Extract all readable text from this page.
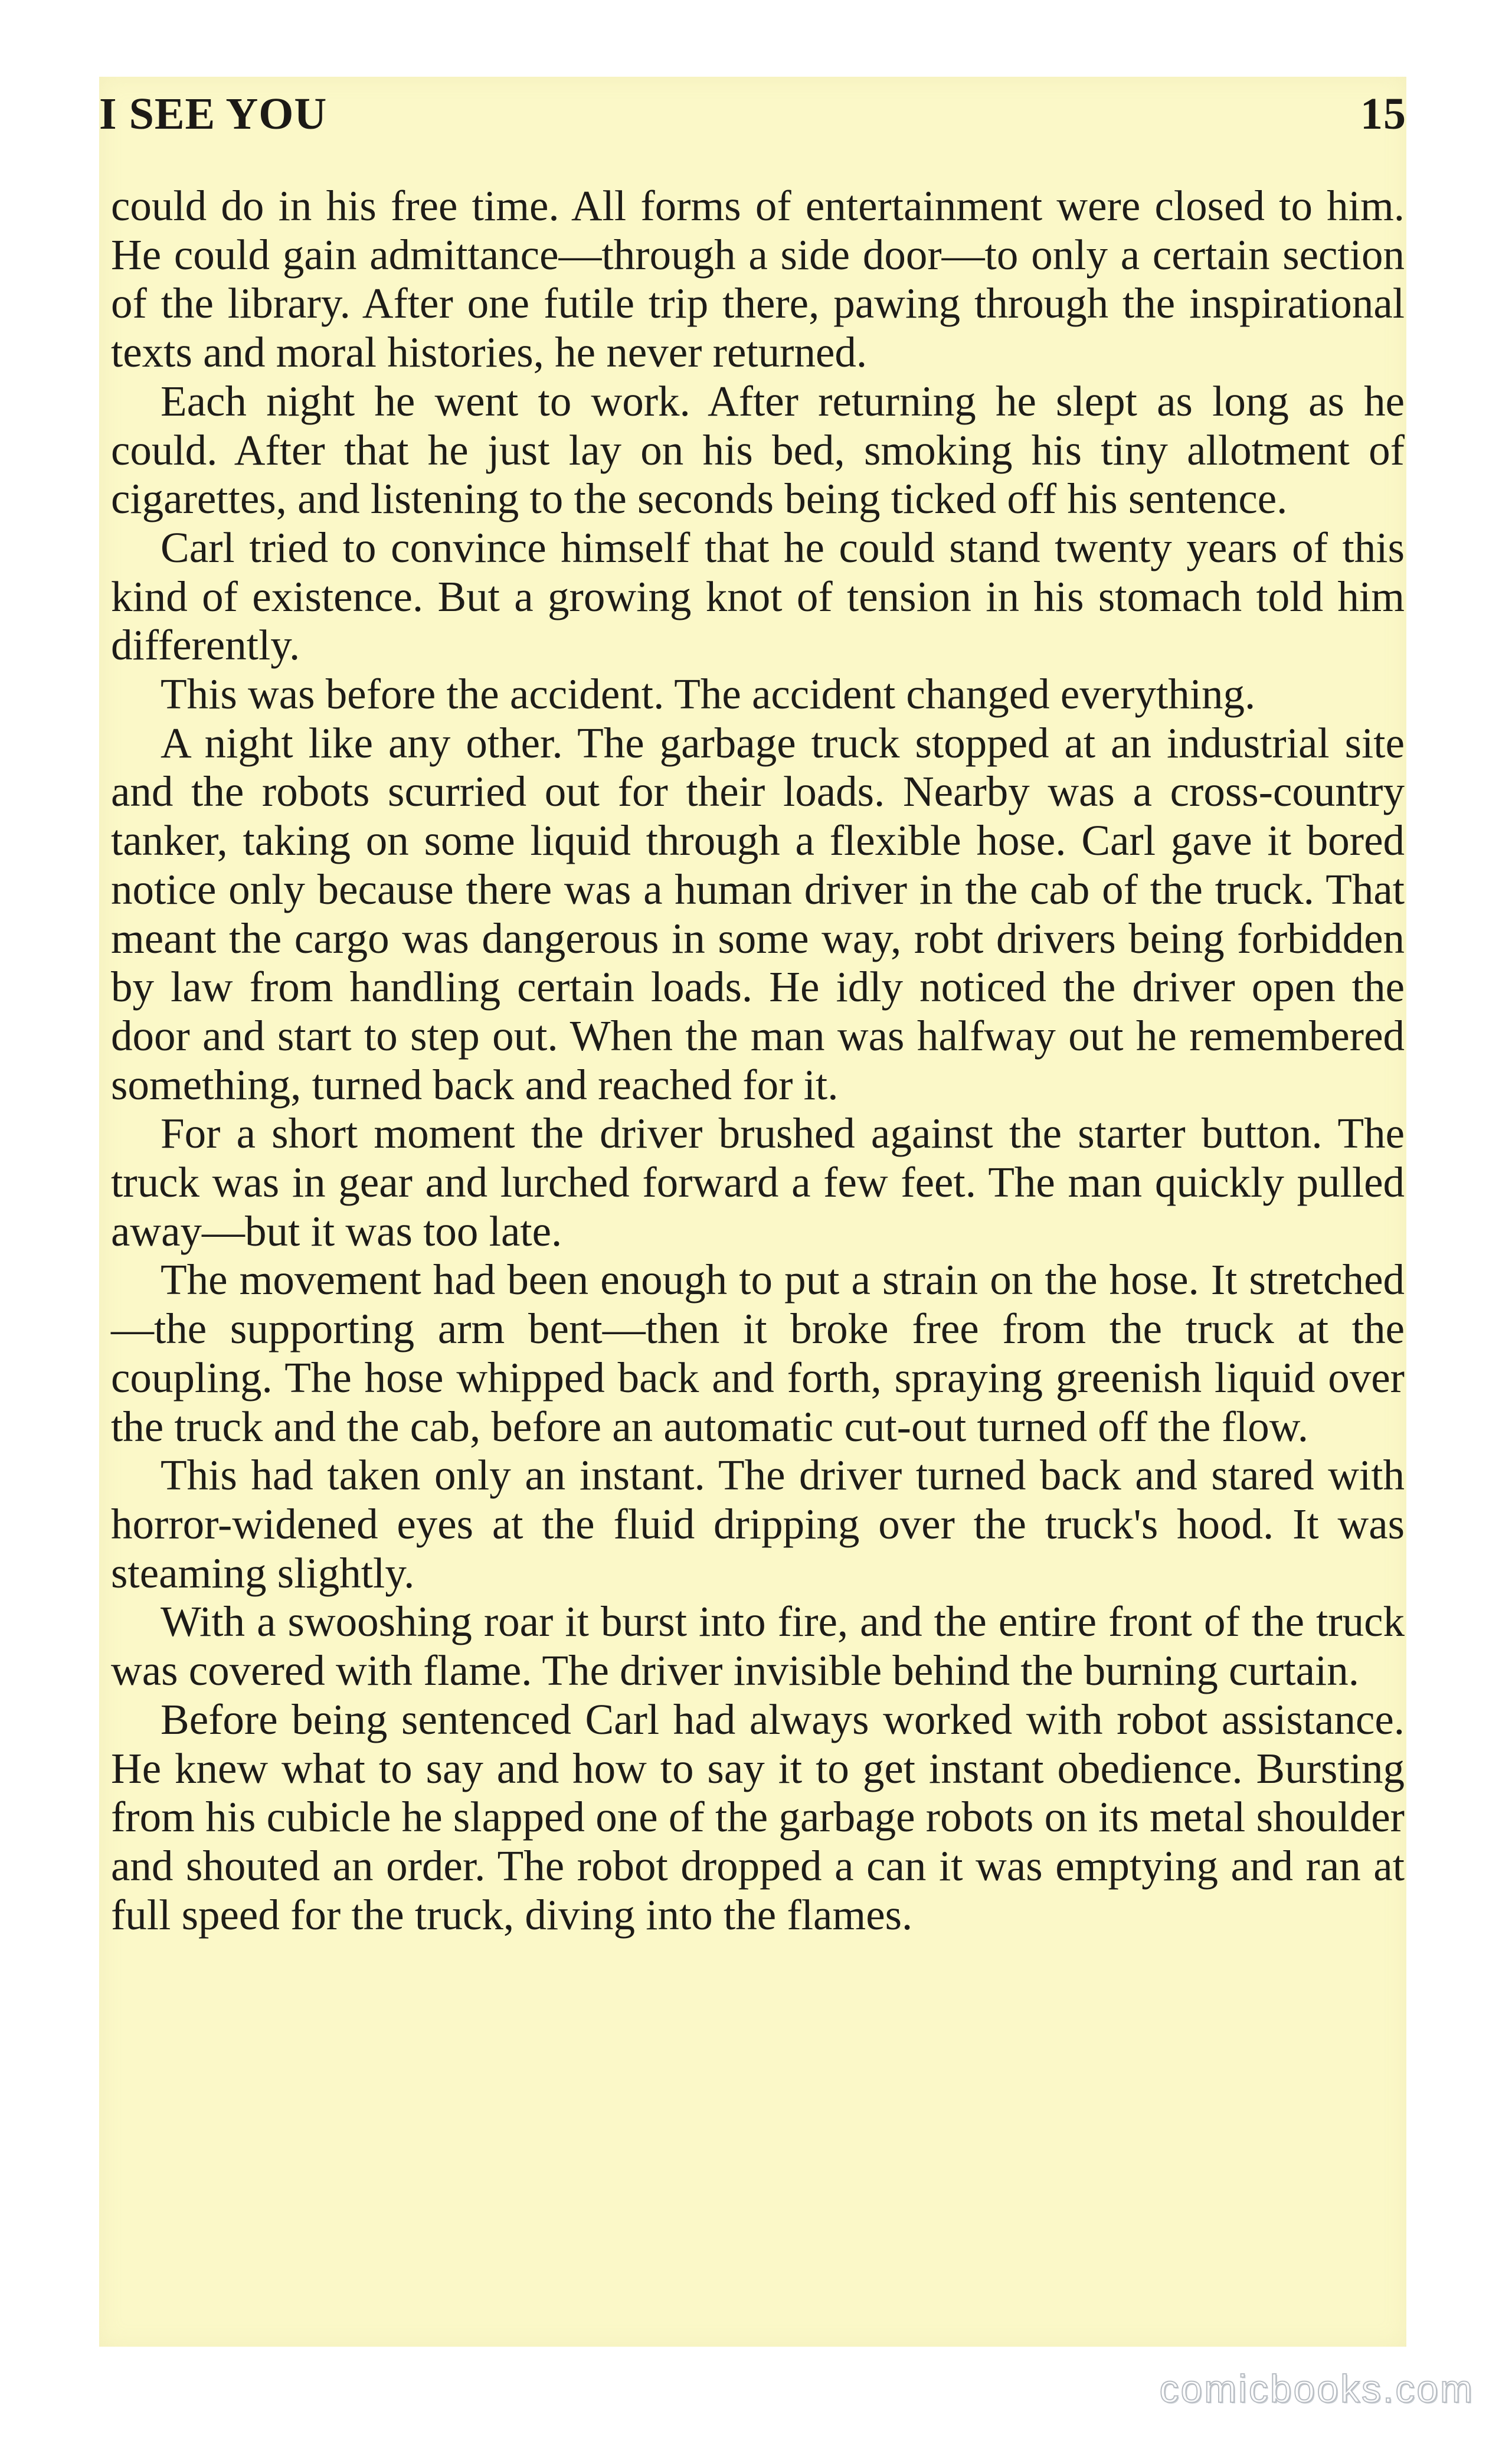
I SEE YOU	15

could do in his free time. All forms of entertainment were closed to him. He could gain admittance—through a side door—to only a certain section of the library. After one futile trip there, pawing through the inspirational texts and moral histories, he never returned.

Each night he went to work. After returning he slept as long as he could. After that he just lay on his bed, smoking his tiny allotment of cigarettes, and listening to the seconds being ticked off his sentence.

Carl tried to convince himself that he could stand twenty years of this kind of existence. But a growing knot of tension in his stomach told him differently.

This was before the accident. The accident changed everything.

A night like any other. The garbage truck stopped at an industrial site and the robots scurried out for their loads. Nearby was a cross-country tanker, taking on some liquid through a flexible hose. Carl gave it bored notice only because there was a human driver in the cab of the truck. That meant the cargo was dangerous in some way, robt drivers being forbidden by law from handling certain loads. He idly noticed the driver open the door and start to step out. When the man was halfway out he remembered something, turned back and reached for it.

For a short moment the driver brushed against the starter button. The truck was in gear and lurched forward a few feet. The man quickly pulled away—but it was too late.

The movement had been enough to put a strain on the hose. It stretched—the supporting arm bent—then it broke free from the truck at the coupling. The hose whipped back and forth, spraying greenish liquid over the truck and the cab, before an automatic cut-out turned off the flow.

This had taken only an instant. The driver turned back and stared with horror-widened eyes at the fluid dripping over the truck's hood. It was steaming slightly.

With a swooshing roar it burst into fire, and the entire front of the truck was covered with flame. The driver invisible behind the burning curtain.

Before being sentenced Carl had always worked with robot assistance. He knew what to say and how to say it to get instant obedience. Bursting from his cubicle he slapped one of the garbage robots on its metal shoulder and shouted an order. The robot dropped a can it was emptying and ran at full speed for the truck, diving into the flames.

comicbooks.com
